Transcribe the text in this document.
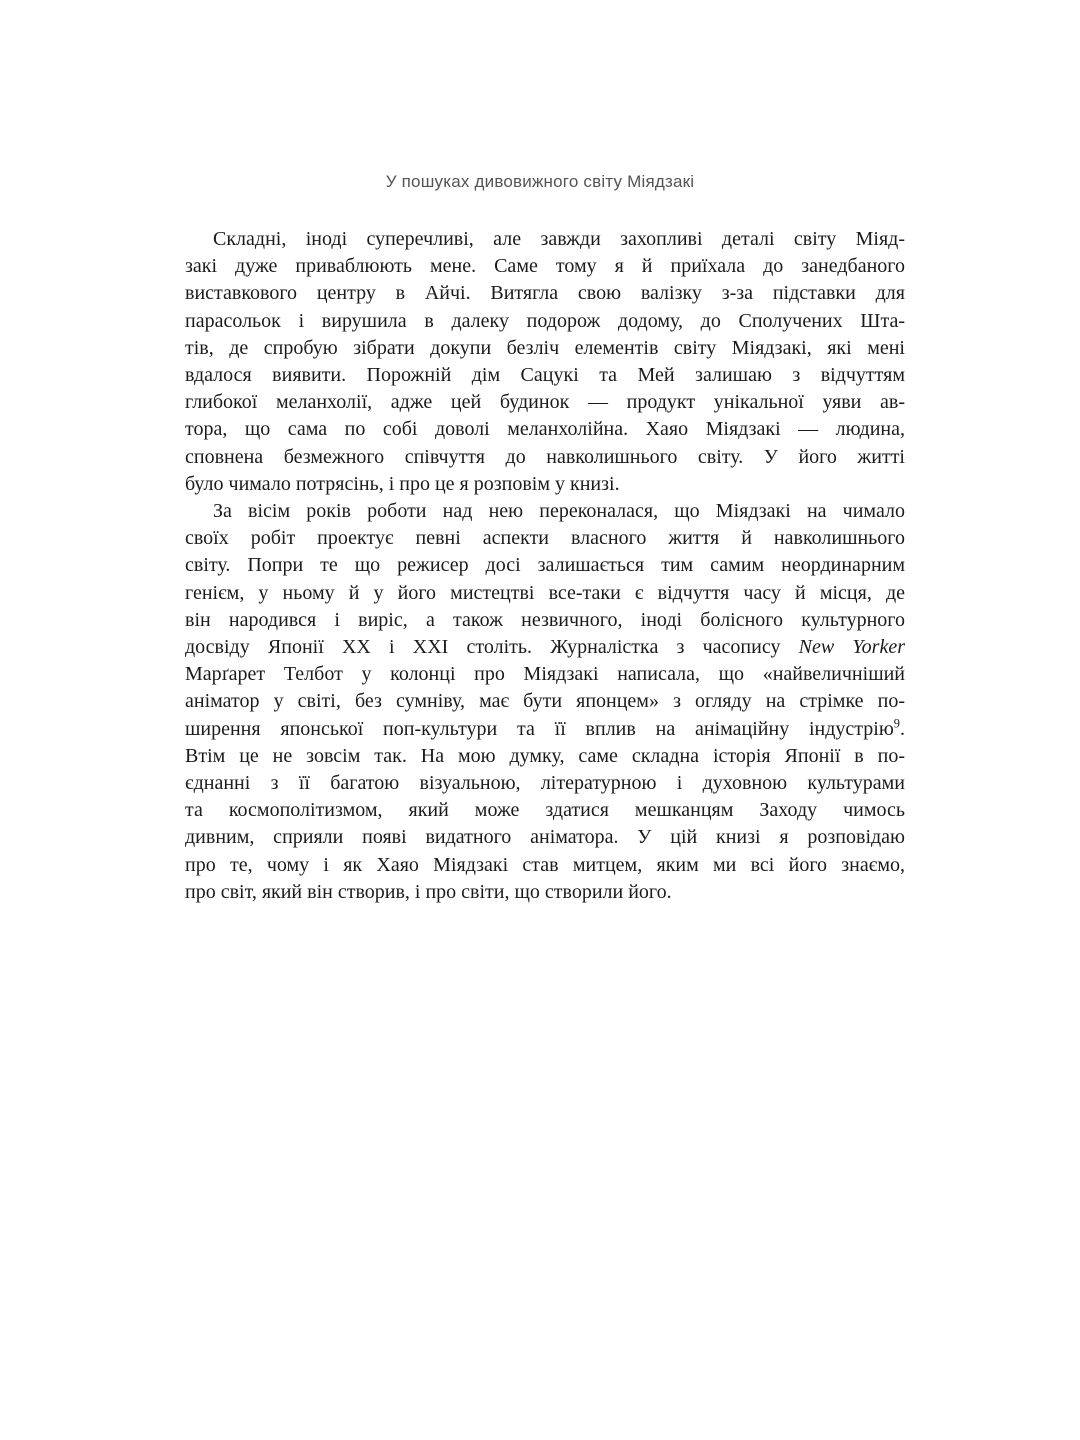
У пошуках дивовижного світу Міядзакі
Складні, іноді суперечливі, але завжди захопливі деталі світу Міяд-
закі дуже приваблюють мене. Саме тому я й приїхала до занедбаного
виставкового центру в Айчі. Витягла свою валізку з-за підставки для
парасольок і вирушила в далеку подорож додому, до Сполучених Шта-
тів, де спробую зібрати докупи безліч елементів світу Міядзакі, які мені
вдалося виявити. Порожній дім Сацукі та Мей залишаю з відчуттям
глибокої меланхолії, адже цей будинок — продукт унікальної уяви ав-
тора, що сама по собі доволі меланхолійна. Хаяо Міядзакі — людина,
сповнена безмежного співчуття до навколишнього світу. У його житті
було чимало потрясінь, і про це я розповім у книзі.
За вісім років роботи над нею переконалася, що Міядзакі на чимало
своїх робіт проектує певні аспекти власного життя й навколишнього
світу. Попри те що режисер досі залишається тим самим неординарним
генієм, у ньому й у його мистецтві все-таки є відчуття часу й місця, де
він народився і виріс, а також незвичного, іноді болісного культурного
досвіду Японії XX і XXI століть. Журналістка з часопису New Yorker
Марґарет Телбот у колонці про Міядзакі написала, що «найвеличніший
аніматор у світі, без сумніву, має бути японцем» з огляду на стрімке по-
ширення японської поп-культури та її вплив на анімаційну індустрію$^9$.
Втім це не зовсім так. На мою думку, саме складна історія Японії в по-
єднанні з її багатою візуальною, літературною і духовною культурами
та космополітизмом, який може здатися мешканцям Заходу чимось
дивним, сприяли появі видатного аніматора. У цій книзі я розповідаю
про те, чому і як Хаяо Міядзакі став митцем, яким ми всі його знаємо,
про світ, який він створив, і про світи, що створили його.
